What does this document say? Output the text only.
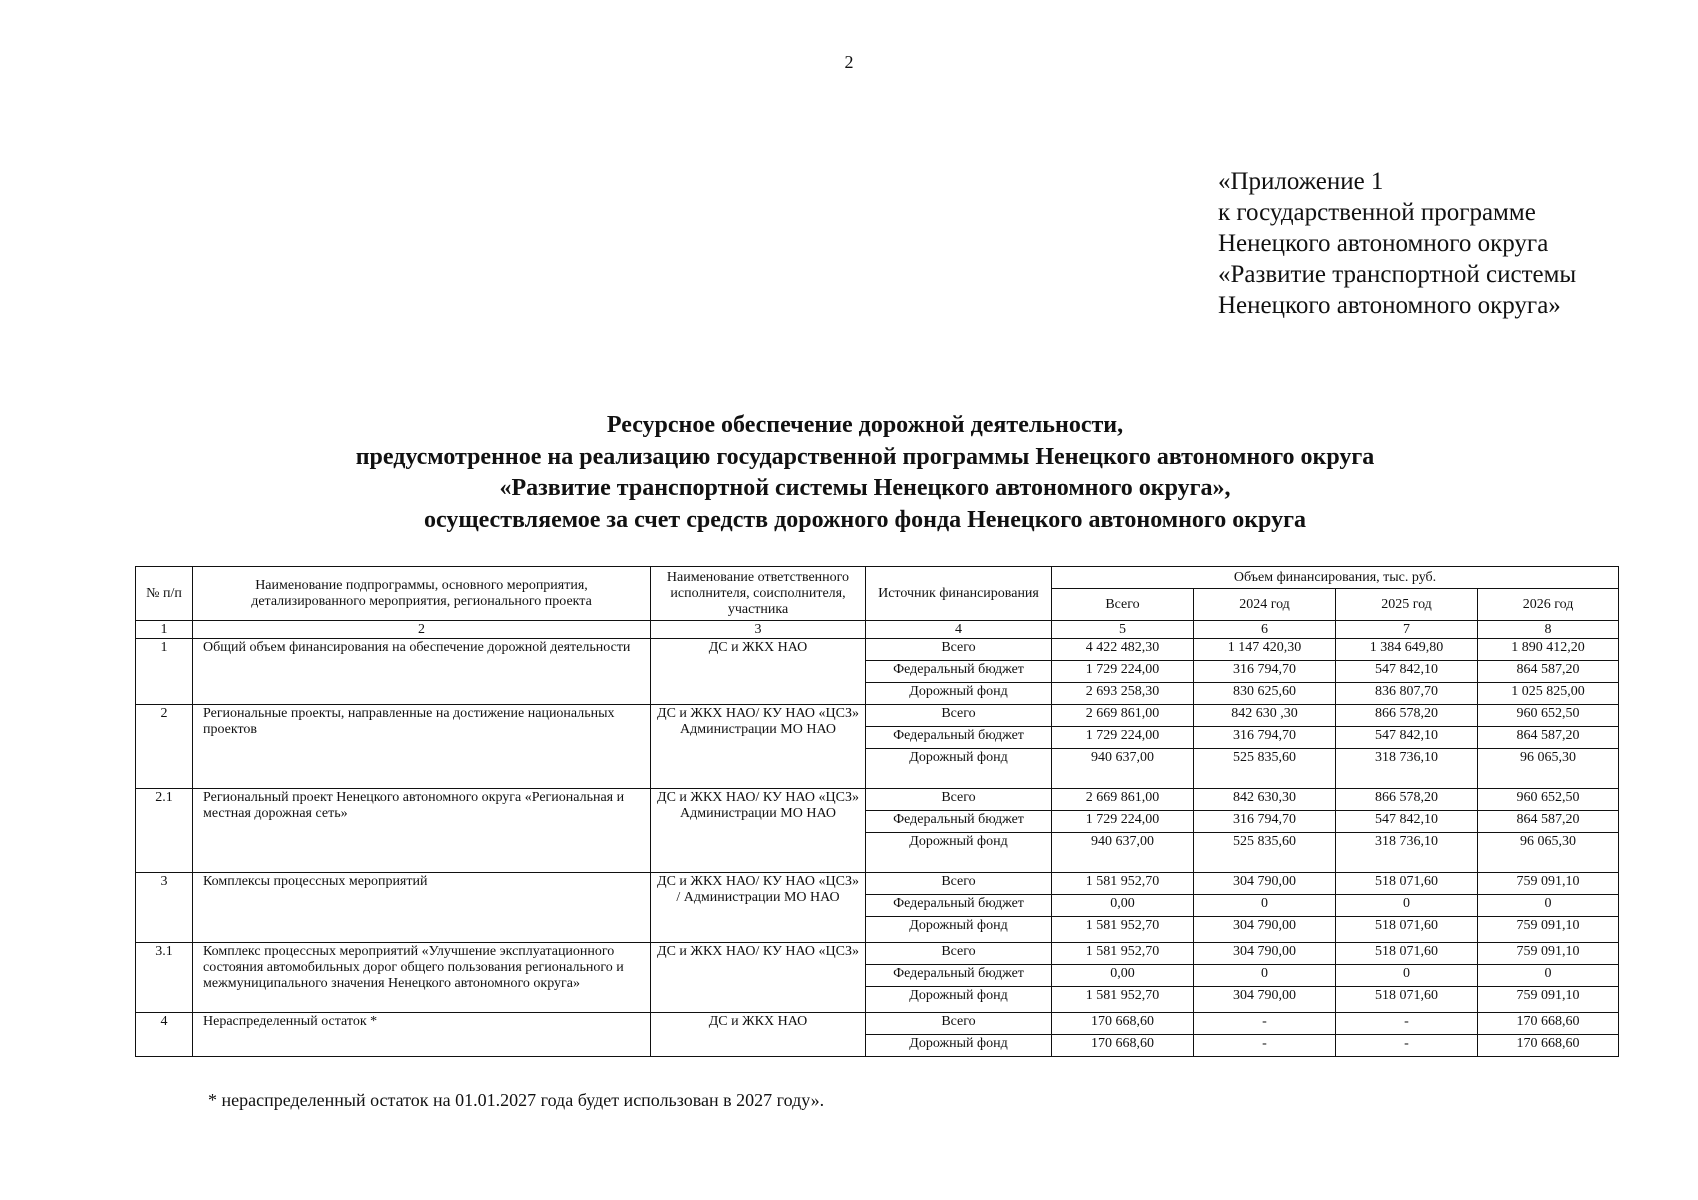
2
«Приложение 1
к государственной программе
Ненецкого автономного округа
«Развитие транспортной системы
Ненецкого автономного округа»
Ресурсное обеспечение дорожной деятельности,
предусмотренное на реализацию государственной программы Ненецкого автономного округа
«Развитие транспортной системы Ненецкого автономного округа»,
осуществляемое за счет средств дорожного фонда Ненецкого автономного округа
№ п/п	Наименование подпрограммы, основного мероприятия, детализированного мероприятия, регионального проекта	Наименование ответственного исполнителя, соисполнителя, участника	Источник финансирования	Объем финансирования, тыс. руб.			
				Всего	2024 год	2025 год	2026 год
1	2	3	4	5	6	7	8
1	Общий объем финансирования на обеспечение дорожной деятельности	ДС и ЖКХ НАО	Всего	4 422 482,30	1 147 420,30	1 384 649,80	1 890 412,20
			Федеральный бюджет	1 729 224,00	316 794,70	547 842,10	864 587,20
			Дорожный фонд	2 693 258,30	830 625,60	836 807,70	1 025 825,00
2	Региональные проекты, направленные на достижение национальных проектов	ДС и ЖКХ НАО/ КУ НАО «ЦСЗ» Администрации МО НАО	Всего	2 669 861,00	842 630 ,30	866 578,20	960 652,50
			Федеральный бюджет	1 729 224,00	316 794,70	547 842,10	864 587,20
			Дорожный фонд	940 637,00	525 835,60	318 736,10	96 065,30
2.1	Региональный проект Ненецкого автономного округа «Региональная и местная дорожная сеть»	ДС и ЖКХ НАО/ КУ НАО «ЦСЗ» Администрации МО НАО	Всего	2 669 861,00	842 630,30	866 578,20	960 652,50
			Федеральный бюджет	1 729 224,00	316 794,70	547 842,10	864 587,20
			Дорожный фонд	940 637,00	525 835,60	318 736,10	96 065,30
3	Комплексы процессных мероприятий	ДС и ЖКХ НАО/ КУ НАО «ЦСЗ» / Администрации МО НАО	Всего	1 581 952,70	304 790,00	518 071,60	759 091,10
			Федеральный бюджет	0,00	0	0	0
			Дорожный фонд	1 581 952,70	304 790,00	518 071,60	759 091,10
3.1	Комплекс процессных мероприятий «Улучшение эксплуатационного состояния автомобильных дорог общего пользования регионального и межмуниципального значения Ненецкого автономного округа»	ДС и ЖКХ НАО/ КУ НАО «ЦСЗ»	Всего	1 581 952,70	304 790,00	518 071,60	759 091,10
			Федеральный бюджет	0,00	0	0	0
			Дорожный фонд	1 581 952,70	304 790,00	518 071,60	759 091,10
4	Нераспределенный остаток *	ДС и ЖКХ НАО	Всего	170 668,60	-	-	170 668,60
			Дорожный фонд	170 668,60	-	-	170 668,60
* нераспределенный остаток на 01.01.2027 года будет использован в 2027 году».
